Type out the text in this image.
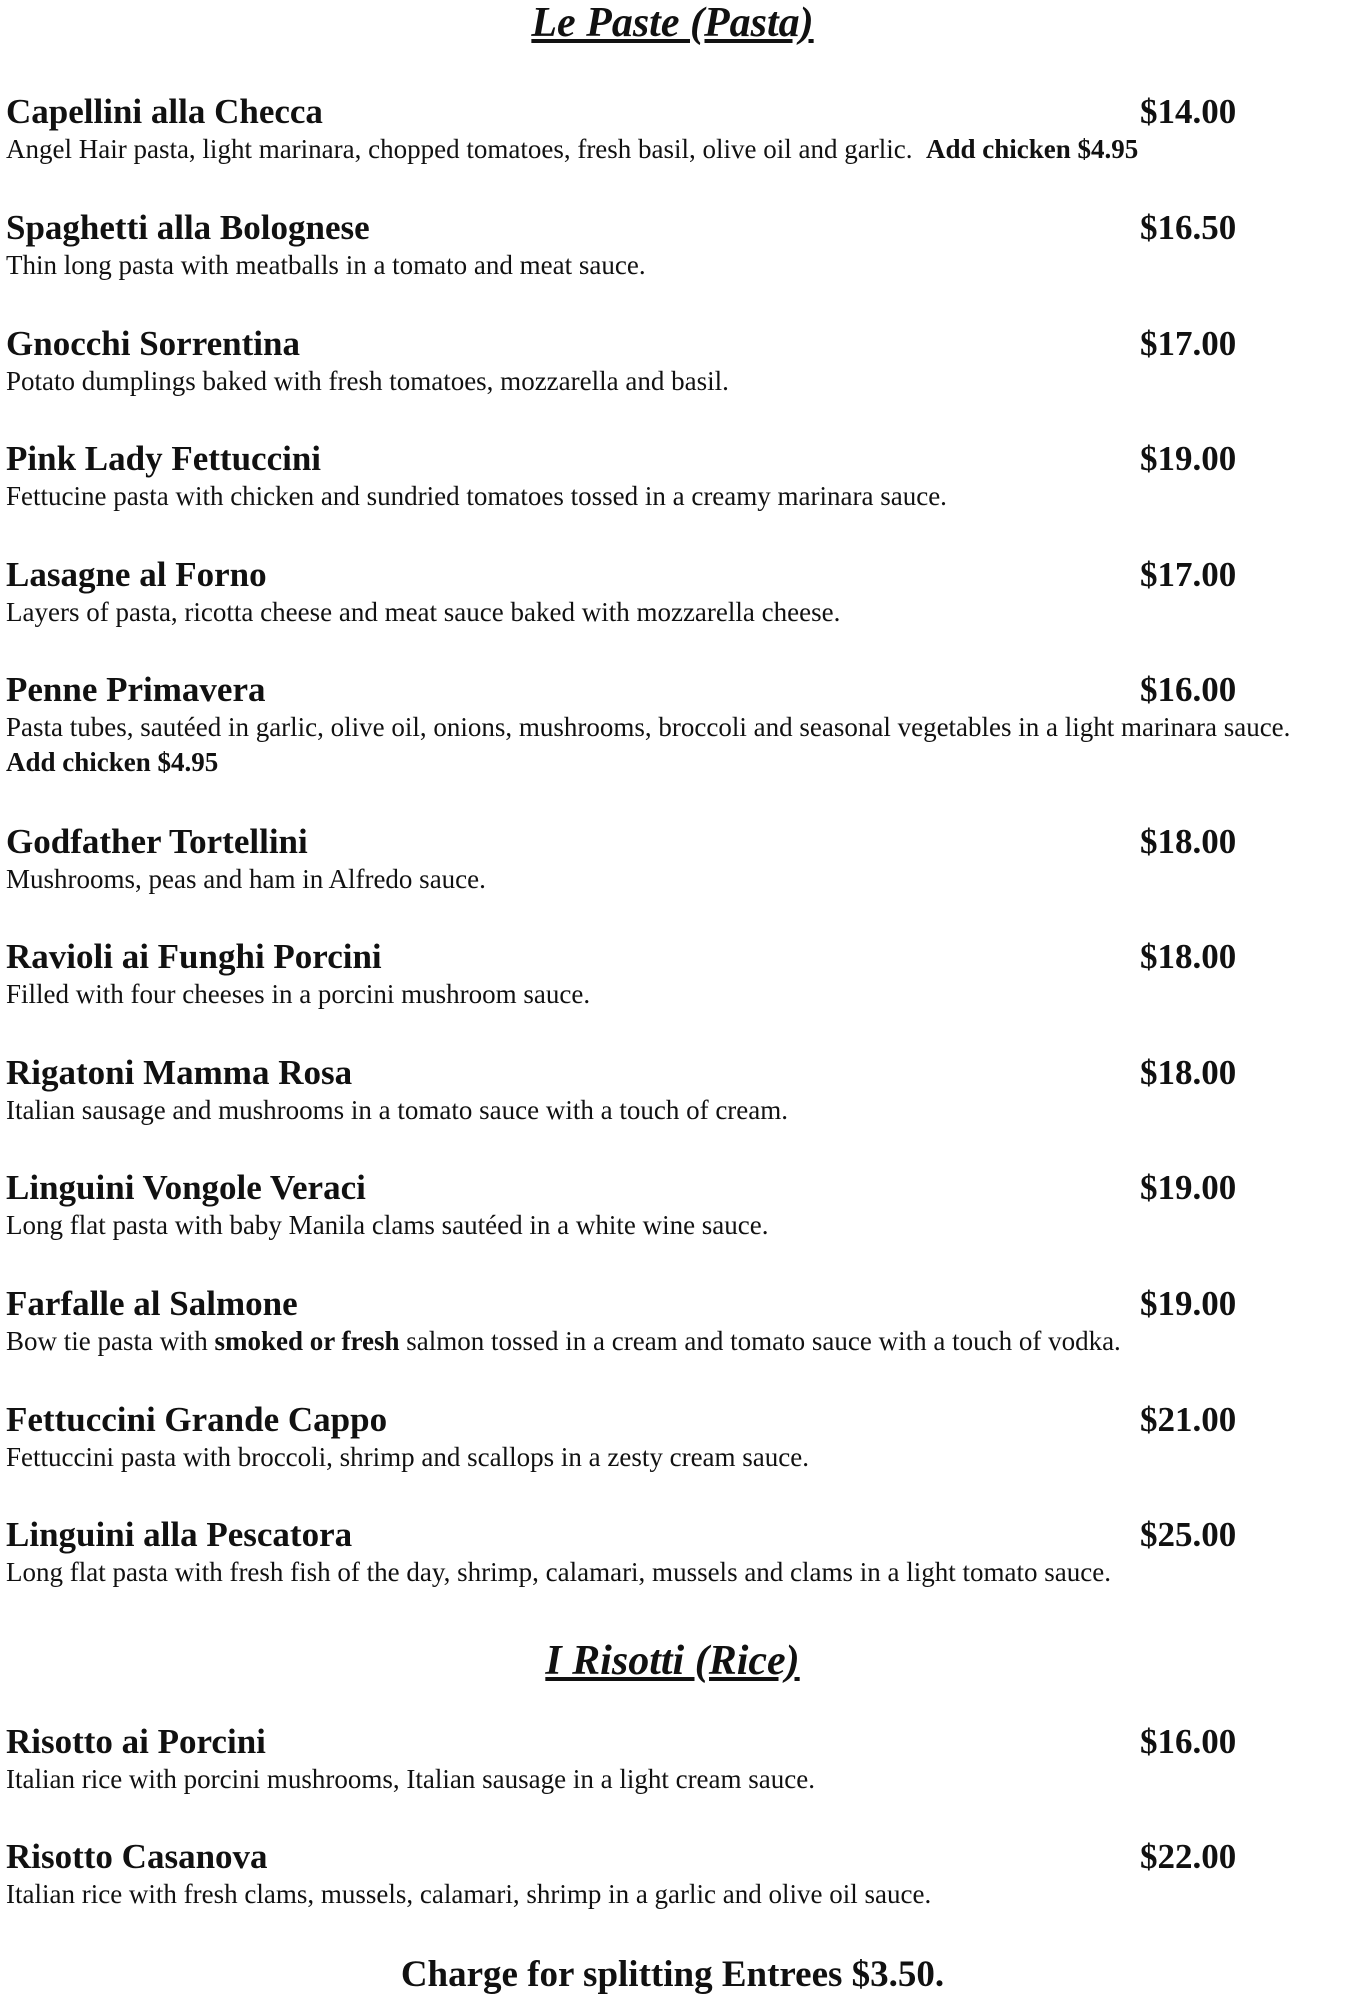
Le Paste (Pasta)
Capellini alla Checca	$14.00
Angel Hair pasta, light marinara, chopped tomatoes, fresh basil, olive oil and garlic. Add chicken $4.95
Spaghetti alla Bolognese	$16.50
Thin long pasta with meatballs in a tomato and meat sauce.
Gnocchi Sorrentina	$17.00
Potato dumplings baked with fresh tomatoes, mozzarella and basil.
Pink Lady Fettuccini	$19.00
Fettucine pasta with chicken and sundried tomatoes tossed in a creamy marinara sauce.
Lasagne al Forno	$17.00
Layers of pasta, ricotta cheese and meat sauce baked with mozzarella cheese.
Penne Primavera	$16.00
Pasta tubes, sautéed in garlic, olive oil, onions, mushrooms, broccoli and seasonal vegetables in a light marinara sauce. Add chicken $4.95
Godfather Tortellini	$18.00
Mushrooms, peas and ham in Alfredo sauce.
Ravioli ai Funghi Porcini	$18.00
Filled with four cheeses in a porcini mushroom sauce.
Rigatoni Mamma Rosa	$18.00
Italian sausage and mushrooms in a tomato sauce with a touch of cream.
Linguini Vongole Veraci	$19.00
Long flat pasta with baby Manila clams sautéed in a white wine sauce.
Farfalle al Salmone	$19.00
Bow tie pasta with smoked or fresh salmon tossed in a cream and tomato sauce with a touch of vodka.
Fettuccini Grande Cappo	$21.00
Fettuccini pasta with broccoli, shrimp and scallops in a zesty cream sauce.
Linguini alla Pescatora	$25.00
Long flat pasta with fresh fish of the day, shrimp, calamari, mussels and clams in a light tomato sauce.
I Risotti (Rice)
Risotto ai Porcini	$16.00
Italian rice with porcini mushrooms, Italian sausage in a light cream sauce.
Risotto Casanova	$22.00
Italian rice with fresh clams, mussels, calamari, shrimp in a garlic and olive oil sauce.
Charge for splitting Entrees $3.50.
